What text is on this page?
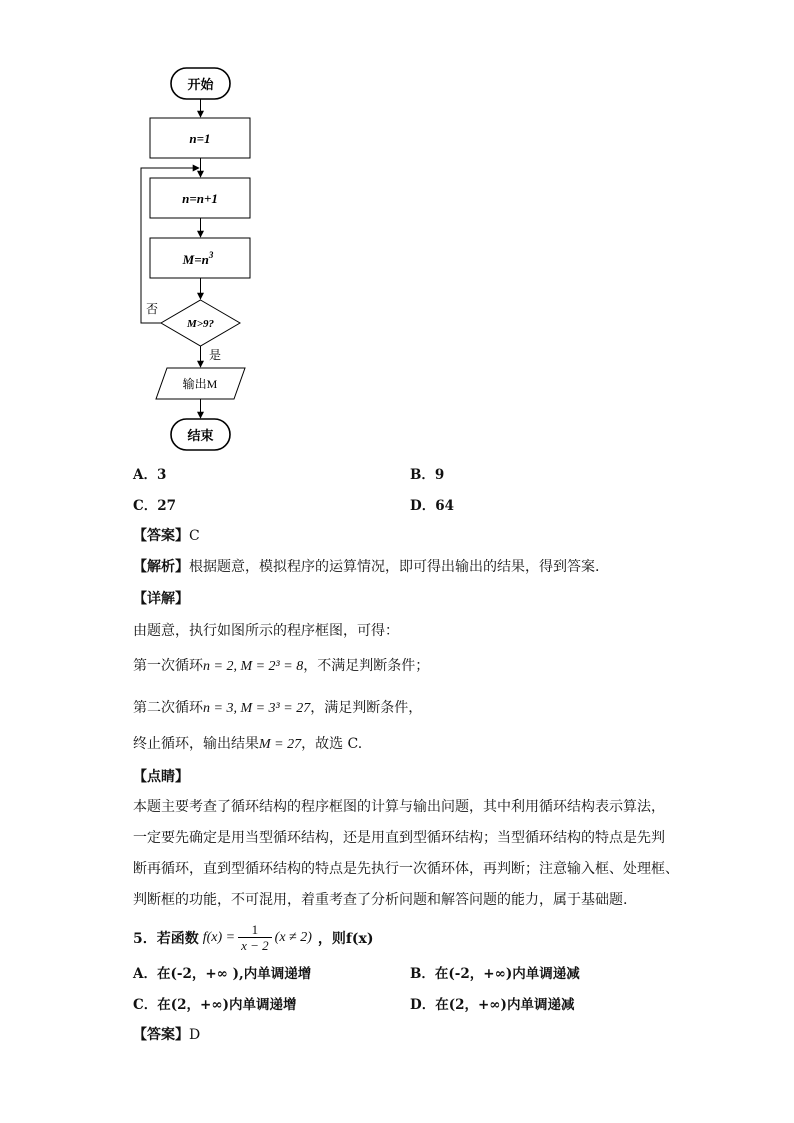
开始
n=1
n=n+1
$M=n^3$
M>9?
否
是
输出M
结束
A．3	B．9
C．27	D．64
【答案】C
【解析】根据题意，模拟程序的运算情况，即可得出输出的结果，得到答案.
【详解】
由题意，执行如图所示的程序框图，可得：
第一次循环n = 2, M = 2³ = 8，不满足判断条件；
第二次循环n = 3, M = 3³ = 27，满足判断条件，
终止循环，输出结果M = 27，故选 C.
【点睛】
本题主要考查了循环结构的程序框图的计算与输出问题，其中利用循环结构表示算法，
一定要先确定是用当型循环结构，还是用直到型循环结构；当型循环结构的特点是先判
断再循环，直到型循环结构的特点是先执行一次循环体，再判断；注意输入框、处理框、
判断框的功能，不可混用，着重考查了分析问题和解答问题的能力，属于基础题.
5．若函数 $f(x) = \frac{1}{x - 2} (x \ne 2)$ ，则f(x)
A．在(-2，+∞ ),内单调递增	B．在(-2，+∞)内单调递减
C．在(2，+∞)内单调递增	D．在(2，+∞)内单调递减
【答案】D
